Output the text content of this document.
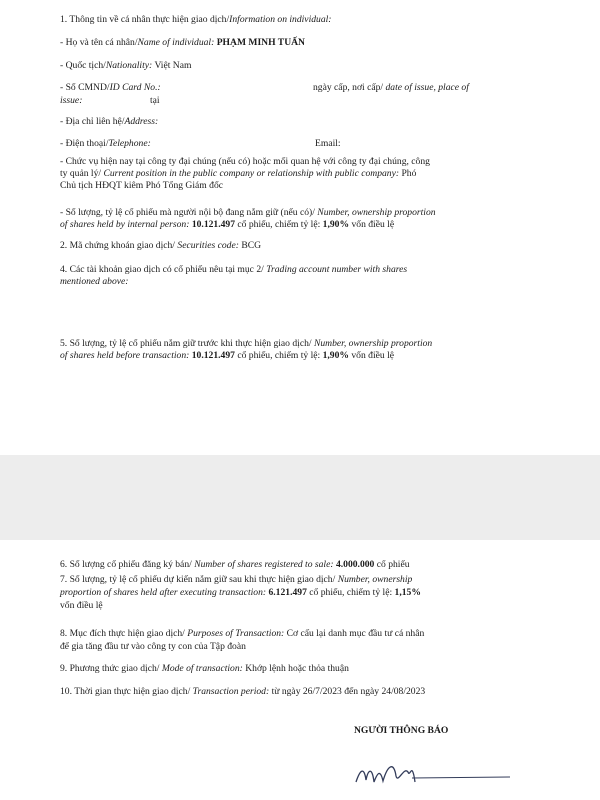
1. Thông tin về cá nhân thực hiện giao dịch/Information on individual:
- Họ và tên cá nhân/Name of individual: PHẠM MINH TUẤN
- Quốc tịch/Nationality: Việt Nam
- Số CMND/ID Card No.:	ngày cấp, nơi cấp/ date of issue, place of
issue:	tại
- Địa chỉ liên hệ/Address:
- Điện thoại/Telephone:	Email:
- Chức vụ hiện nay tại công ty đại chúng (nếu có) hoặc mối quan hệ với công ty đại chúng, công
ty quản lý/ Current position in the public company or relationship with public company: Phó
Chủ tịch HĐQT kiêm Phó Tổng Giám đốc
- Số lượng, tỷ lệ cổ phiếu mà người nội bộ đang nắm giữ (nếu có)/ Number, ownership proportion
of shares held by internal person: 10.121.497 cổ phiếu, chiếm tỷ lệ: 1,90% vốn điều lệ
2. Mã chứng khoán giao dịch/ Securities code: BCG
4. Các tài khoản giao dịch có cổ phiếu nêu tại mục 2/ Trading account number with shares
mentioned above:
5. Số lượng, tỷ lệ cổ phiếu nắm giữ trước khi thực hiện giao dịch/ Number, ownership proportion
of shares held before transaction: 10.121.497 cổ phiếu, chiếm tỷ lệ: 1,90% vốn điều lệ
6. Số lượng cổ phiếu đăng ký bán/ Number of shares registered to sale: 4.000.000 cổ phiếu
7. Số lượng, tỷ lệ cổ phiếu dự kiến nắm giữ sau khi thực hiện giao dịch/ Number, ownership
proportion of shares held after executing transaction: 6.121.497 cổ phiếu, chiếm tỷ lệ: 1,15%
vốn điều lệ
8. Mục đích thực hiện giao dịch/ Purposes of Transaction: Cơ cấu lại danh mục đầu tư cá nhân
để gia tăng đầu tư vào công ty con của Tập đoàn
9. Phương thức giao dịch/ Mode of transaction: Khớp lệnh hoặc thỏa thuận
10. Thời gian thực hiện giao dịch/ Transaction period: từ ngày 26/7/2023 đến ngày 24/08/2023
NGƯỜI THÔNG BÁO
